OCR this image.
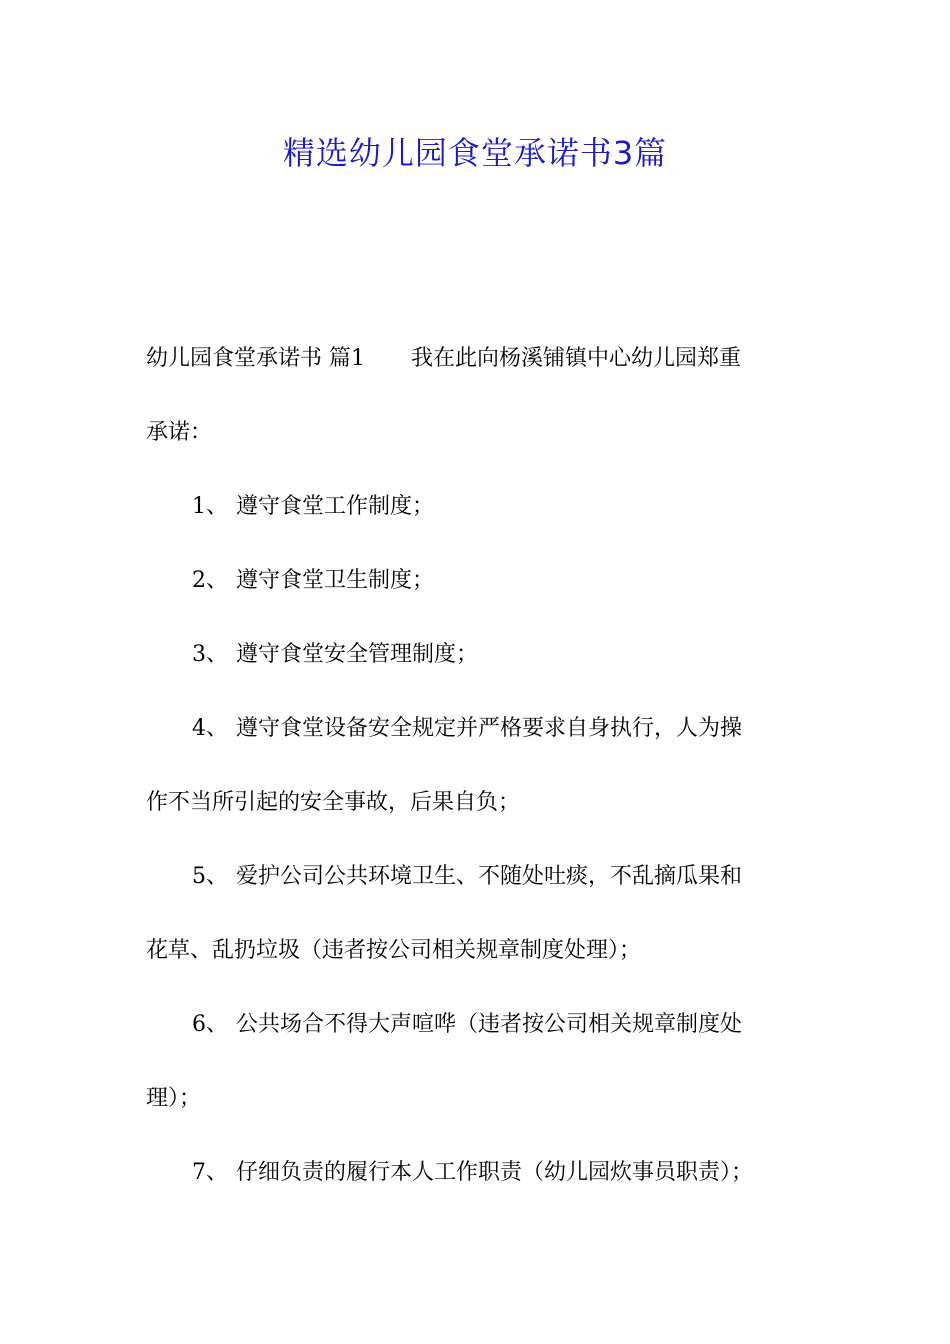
精选幼儿园食堂承诺书3篇
幼儿园食堂承诺书 篇1 我在此向杨溪铺镇中心幼儿园郑重
承诺：
1、 遵守食堂工作制度；
2、 遵守食堂卫生制度；
3、 遵守食堂安全管理制度；
4、 遵守食堂设备安全规定并严格要求自身执行，人为操
作不当所引起的安全事故，后果自负；
5、 爱护公司公共环境卫生、不随处吐痰，不乱摘瓜果和
花草、乱扔垃圾（违者按公司相关规章制度处理）；
6、 公共场合不得大声喧哗（违者按公司相关规章制度处
理）；
7、 仔细负责的履行本人工作职责（幼儿园炊事员职责）；
